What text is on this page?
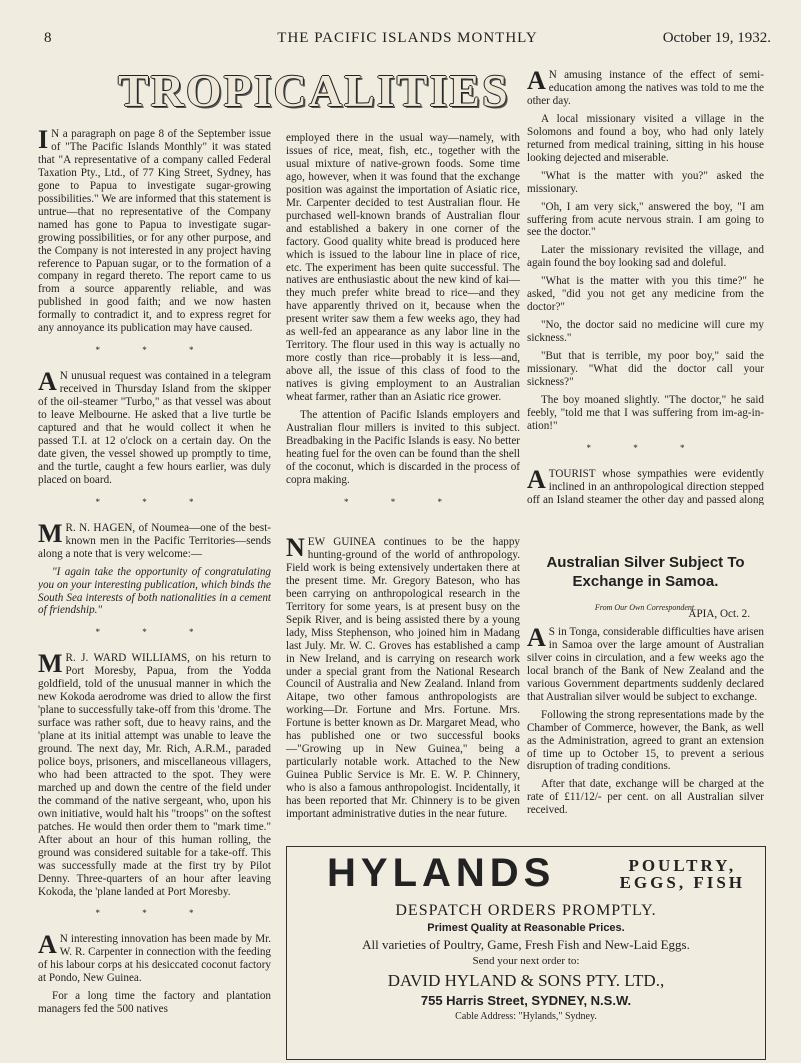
8	THE PACIFIC ISLANDS MONTHLY	October 19, 1932.
TROPICALITIES

I N a paragraph on page 8 of the September issue of "The Pacific Islands Monthly" it was stated that "A representative of a company called Federal Taxation Pty., Ltd., of 77 King Street, Sydney, has gone to Papua to investigate sugar-growing possibilities." We are informed that this statement is untrue—that no representative of the Company named has gone to Papua to investigate sugar-growing possibilities, or for any other purpose, and the Company is not interested in any project having reference to Papuan sugar, or to the formation of a company in regard thereto. The report came to us from a source apparently reliable, and was published in good faith; and we now hasten formally to contradict it, and to express regret for any annoyance its publication may have caused.

* * *

A N unusual request was contained in a telegram received in Thursday Island from the skipper of the oil-steamer "Turbo," as that vessel was about to leave Melbourne. He asked that a live turtle be captured and that he would collect it when he passed T.I. at 12 o'clock on a certain day. On the date given, the vessel showed up promptly to time, and the turtle, caught a few hours earlier, was duly placed on board.

* * *

M R. N. HAGEN, of Noumea—one of the best-known men in the Pacific Territories—sends along a note that is very welcome:—

"I again take the opportunity of congratulating you on your interesting publication, which binds the South Sea interests of both nationalities in a cement of friendship."

* * *

M R. J. WARD WILLIAMS, on his return to Port Moresby, Papua, from the Yodda goldfield, told of the unusual manner in which the new Kokoda aerodrome was dried to allow the first 'plane to successfully take-off from this 'drome. The surface was rather soft, due to heavy rains, and the 'plane at its initial attempt was unable to leave the ground. The next day, Mr. Rich, A.R.M., paraded police boys, prisoners, and miscellaneous villagers, who had been attracted to the spot. They were marched up and down the centre of the field under the command of the native sergeant, who, upon his own initiative, would halt his "troops" on the softest patches. He would then order them to "mark time." After about an hour of this human rolling, the ground was considered suitable for a take-off. This was successfully made at the first try by Pilot Denny. Three-quarters of an hour after leaving Kokoda, the 'plane landed at Port Moresby.

* * *

A N interesting innovation has been made by Mr. W. R. Carpenter in connection with the feeding of his labour corps at his desiccated coconut factory at Pondo, New Guinea.

For a long time the factory and plantation managers fed the 500 natives

employed there in the usual way—namely, with issues of rice, meat, fish, etc., together with the usual mixture of native-grown foods. Some time ago, however, when it was found that the exchange position was against the importation of Asiatic rice, Mr. Carpenter decided to test Australian flour. He purchased well-known brands of Australian flour and established a bakery in one corner of the factory. Good quality white bread is produced here which is issued to the labour line in place of rice, etc. The experiment has been quite successful. The natives are enthusiastic about the new kind of kai—they much prefer white bread to rice—and they have apparently thrived on it, because when the present writer saw them a few weeks ago, they had as well-fed an appearance as any labor line in the Territory. The flour used in this way is actually no more costly than rice—probably it is less—and, above all, the issue of this class of food to the natives is giving employment to an Australian wheat farmer, rather than an Asiatic rice grower.

The attention of Pacific Islands employers and Australian flour millers is invited to this subject. Breadbaking in the Pacific Islands is easy. No better heating fuel for the oven can be found than the shell of the coconut, which is discarded in the process of copra making.

* * *

NEW GUINEA continues to be the happy hunting-ground of the world of anthropology. Field work is being extensively undertaken there at the present time. Mr. Gregory Bateson, who has been carrying on anthropological research in the Territory for some years, is at present busy on the Sepik River, and is being assisted there by a young lady, Miss Stephenson, who joined him in Madang last July. Mr. W. C. Groves has established a camp in New Ireland, and is carrying on research work under a special grant from the National Research Council of Australia and New Zealand. Inland from Aitape, two other famous anthropologists are working—Dr. Fortune and Mrs. Fortune. Mrs. Fortune is better known as Dr. Margaret Mead, who has published one or two successful books—"Growing up in New Guinea," being a particularly notable work. Attached to the New Guinea Public Service is Mr. E. W. P. Chinnery, who is also a famous anthropologist. Incidentally, it has been reported that Mr. Chinnery is to be given important administrative duties in the near future.

A N amusing instance of the effect of semi-education among the natives was told to me the other day.

A local missionary visited a village in the Solomons and found a boy, who had only lately returned from medical training, sitting in his house looking dejected and miserable.

"What is the matter with you?" asked the missionary.

"Oh, I am very sick," answered the boy, "I am suffering from acute nervous strain. I am going to see the doctor."

Later the missionary revisited the village, and again found the boy looking sad and doleful.

"What is the matter with you this time?" he asked, "did you not get any medicine from the doctor?"

"No, the doctor said no medicine will cure my sickness."

"But that is terrible, my poor boy," said the missionary. "What did the doctor call your sickness?"

The boy moaned slightly. "The doctor," he said feebly, "told me that I was suffering from im-ag-in-ation!"

* * *

ATOURIST whose sympathies were evidently inclined in an anthropological direction stepped off an Island steamer the other day and passed along

Australian Silver Subject To Exchange in Samoa.
From Our Own Correspondent.

APIA, Oct. 2.

A S in Tonga, considerable difficulties have arisen in Samoa over the large amount of Australian silver coins in circulation, and a few weeks ago the local branch of the Bank of New Zealand and the various Government departments suddenly declared that Australian silver would be subject to exchange.

Following the strong representations made by the Chamber of Commerce, however, the Bank, as well as the Administration, agreed to grant an extension of time up to October 15, to prevent a serious disruption of trading conditions.

After that date, exchange will be charged at the rate of £11/12/- per cent. on all Australian silver received.

HYLANDS	POULTRY,
EGGS, FISH
DESPATCH ORDERS PROMPTLY.
Primest Quality at Reasonable Prices.
All varieties of Poultry, Game, Fresh Fish and New-Laid Eggs.
Send your next order to:
DAVID HYLAND & SONS PTY. LTD.,
755 Harris Street, SYDNEY, N.S.W.
Cable Address: "Hylands," Sydney.
